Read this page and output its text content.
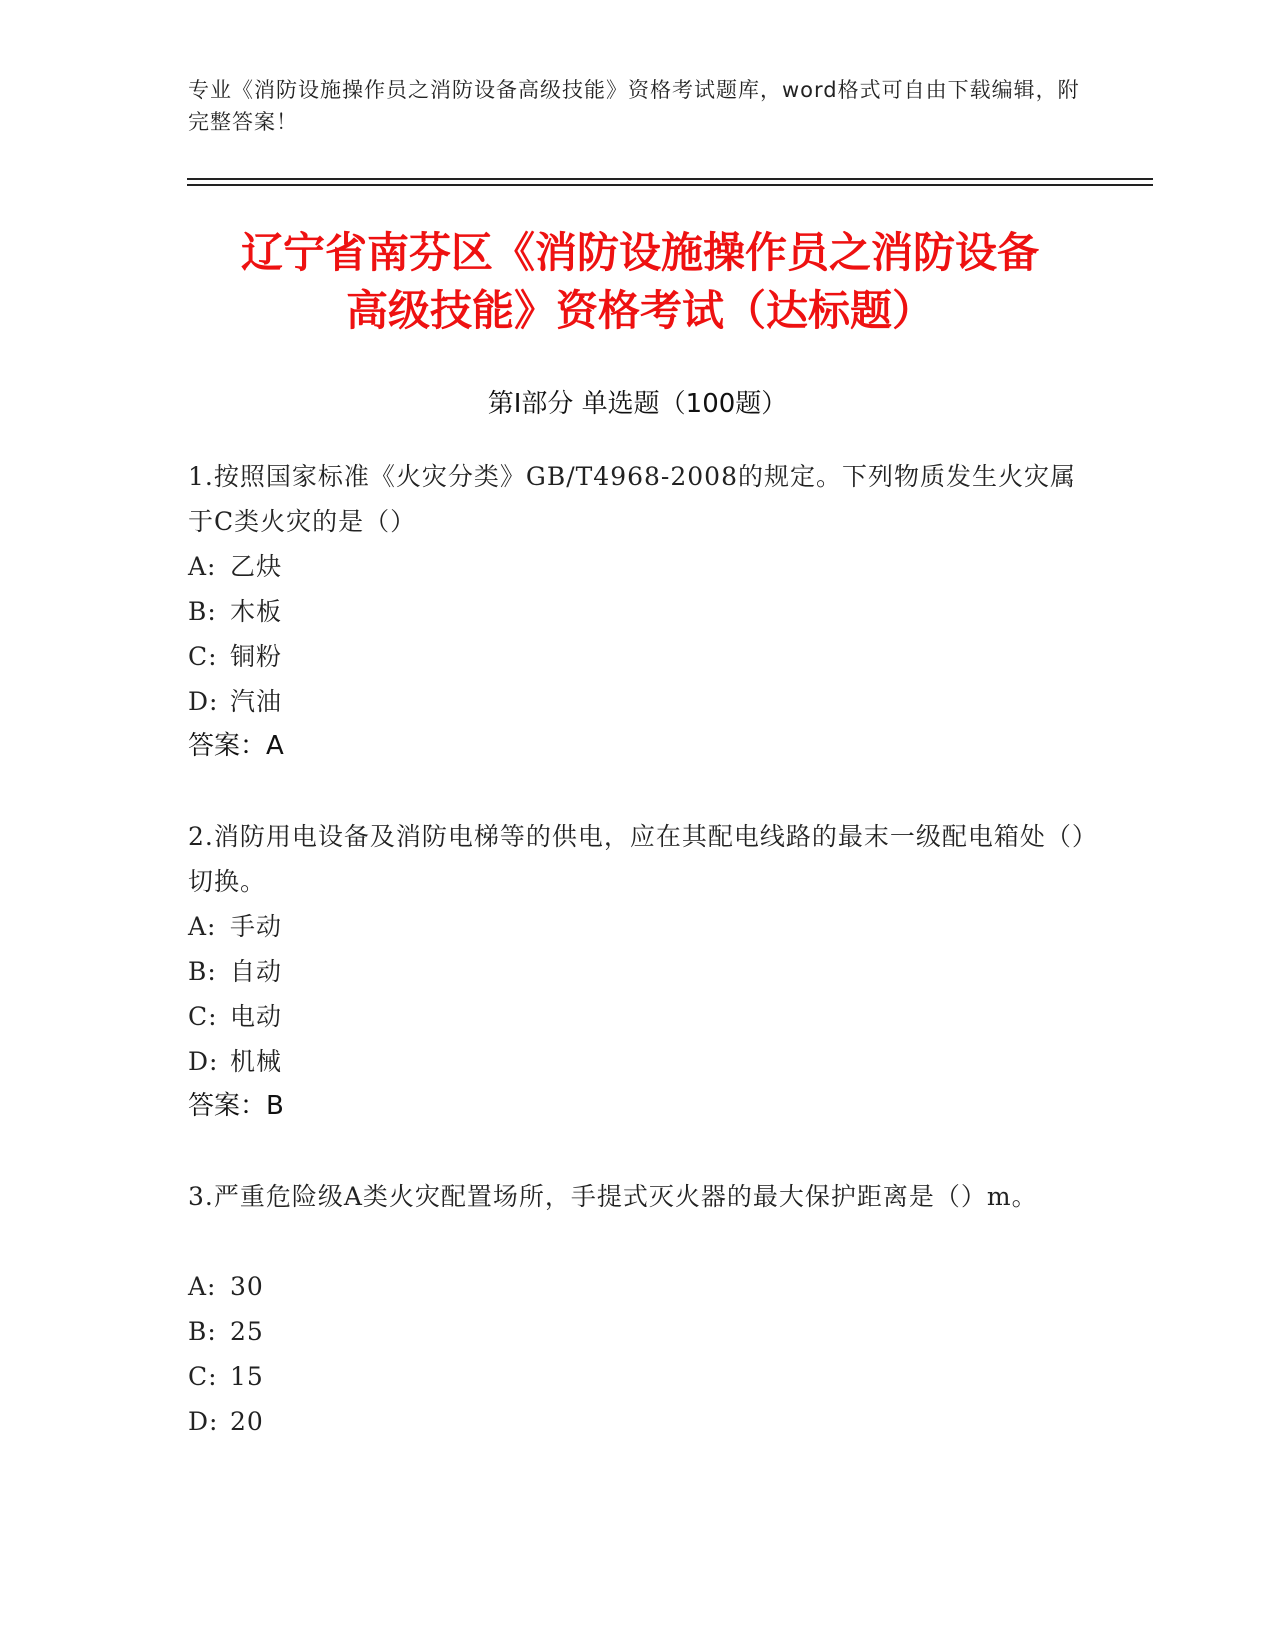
专业《消防设施操作员之消防设备高级技能》资格考试题库，word格式可自由下载编辑，附完整答案！
辽宁省南芬区《消防设施操作员之消防设备
高级技能》资格考试（达标题）
第Ⅰ部分 单选题（100题）
1.按照国家标准《火灾分类》GB/T4968-2008的规定。下列物质发生火灾属于C类火灾的是（）
A: 乙炔
B: 木板
C: 铜粉
D: 汽油
答案：A
2.消防用电设备及消防电梯等的供电，应在其配电线路的最末一级配电箱处（）切换。
A: 手动
B: 自动
C: 电动
D: 机械
答案：B
3.严重危险级A类火灾配置场所，手提式灭火器的最大保护距离是（）m。
A: 30
B: 25
C: 15
D: 20
